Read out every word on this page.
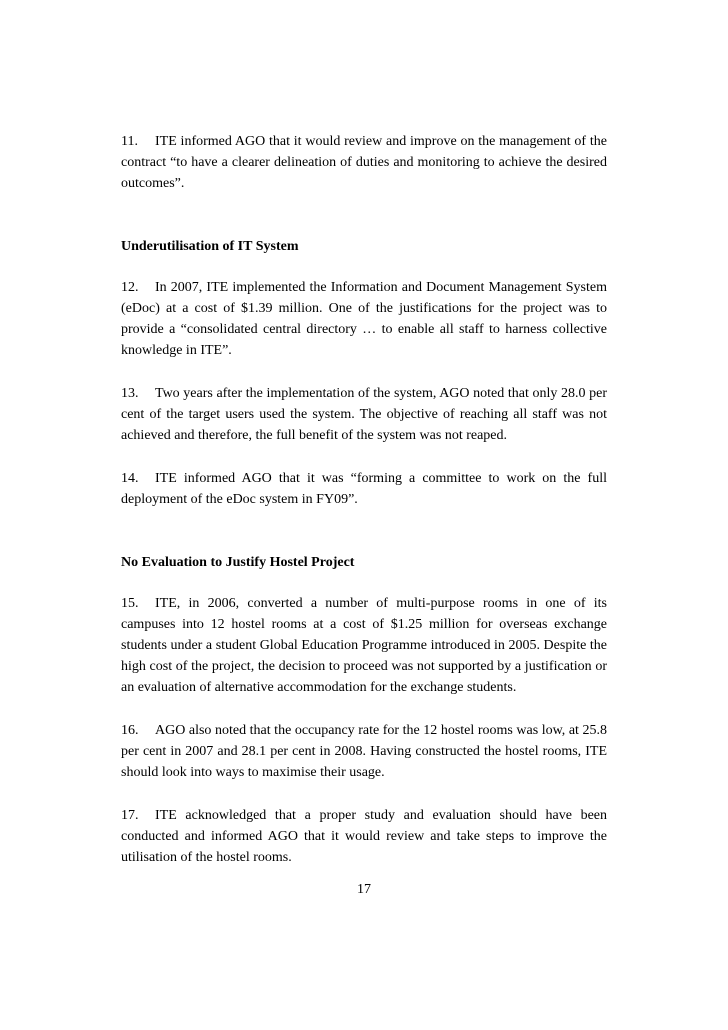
11. ITE informed AGO that it would review and improve on the management of the contract “to have a clearer delineation of duties and monitoring to achieve the desired outcomes”.

Underutilisation of IT System

12. In 2007, ITE implemented the Information and Document Management System (eDoc) at a cost of $1.39 million. One of the justifications for the project was to provide a “consolidated central directory … to enable all staff to harness collective knowledge in ITE”.

13. Two years after the implementation of the system, AGO noted that only 28.0 per cent of the target users used the system. The objective of reaching all staff was not achieved and therefore, the full benefit of the system was not reaped.

14. ITE informed AGO that it was “forming a committee to work on the full deployment of the eDoc system in FY09”.

No Evaluation to Justify Hostel Project

15. ITE, in 2006, converted a number of multi-purpose rooms in one of its campuses into 12 hostel rooms at a cost of $1.25 million for overseas exchange students under a student Global Education Programme introduced in 2005. Despite the high cost of the project, the decision to proceed was not supported by a justification or an evaluation of alternative accommodation for the exchange students.

16. AGO also noted that the occupancy rate for the 12 hostel rooms was low, at 25.8 per cent in 2007 and 28.1 per cent in 2008. Having constructed the hostel rooms, ITE should look into ways to maximise their usage.

17. ITE acknowledged that a proper study and evaluation should have been conducted and informed AGO that it would review and take steps to improve the utilisation of the hostel rooms.

17
